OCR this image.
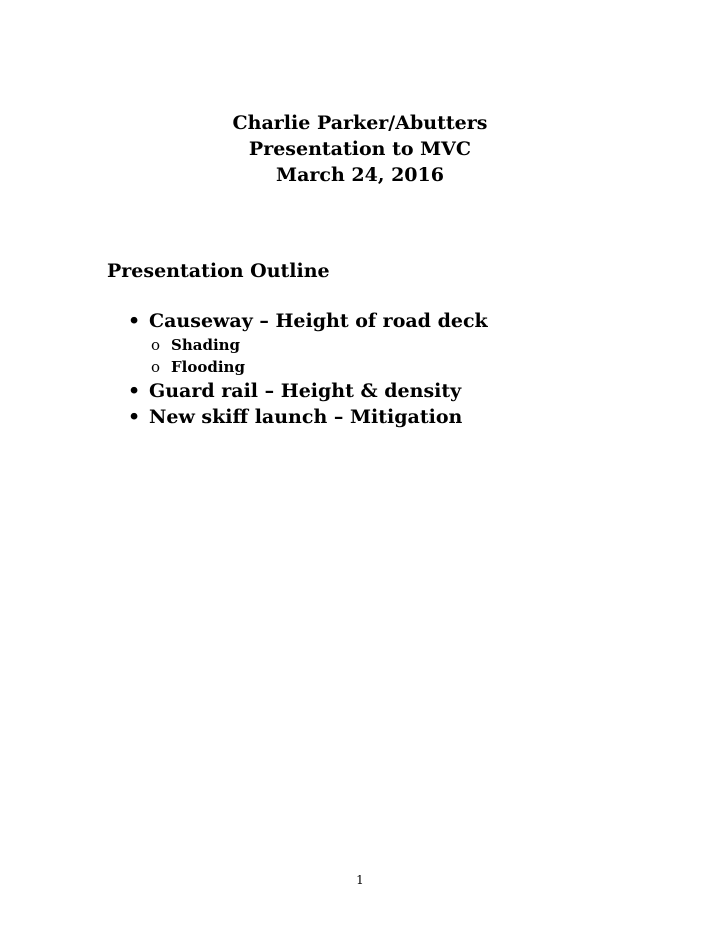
Charlie Parker/Abutters
Presentation to MVC
March 24, 2016
Presentation Outline
• Causeway – Height of road deck
o Shading
o Flooding
• Guard rail – Height & density
• New skiff launch – Mitigation
1
